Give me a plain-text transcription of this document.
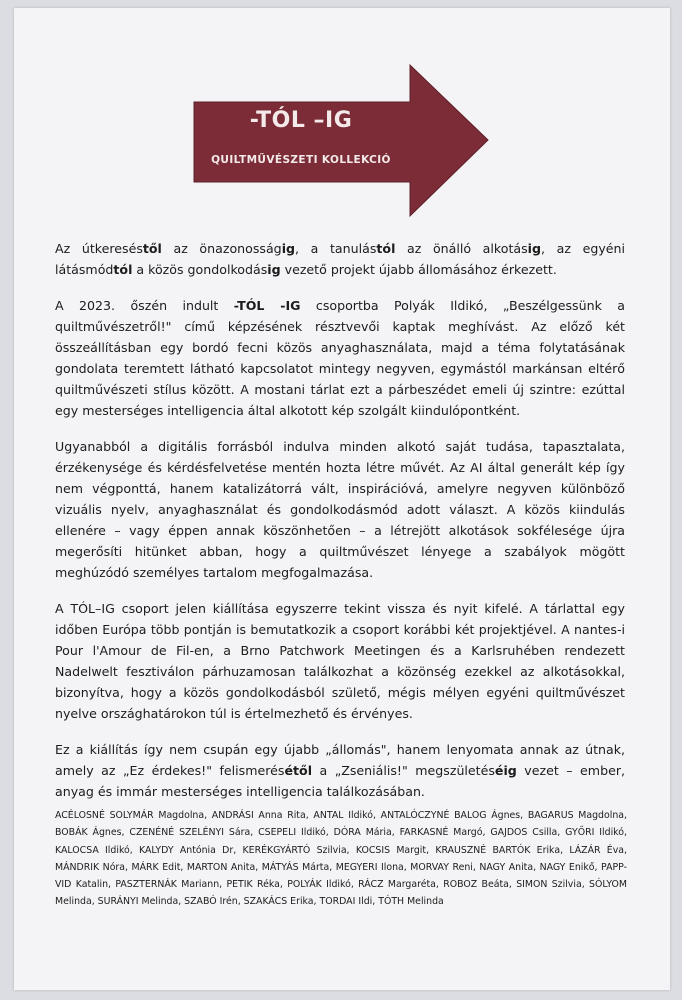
-TÓL –IG
QUILTMŰVÉSZETI KOLLEKCIÓ

Az útkereséstől az önazonosságig, a tanulástól az önálló alkotásig, az egyéni látásmódtól a közös gondolkodásig vezető projekt újabb állomásához érkezett.

A 2023. őszén indult -TÓL -IG csoportba Polyák Ildikó, „Beszélgessünk a quiltművészetről!" című képzésének résztvevői kaptak meghívást. Az előző két összeállításban egy bordó fecni közös anyaghasználata, majd a téma folytatásának gondolata teremtett látható kapcsolatot mintegy negyven, egymástól markánsan eltérő quiltművészeti stílus között. A mostani tárlat ezt a párbeszédet emeli új szintre: ezúttal egy mesterséges intelligencia által alkotott kép szolgált kiindulópontként.

Ugyanabból a digitális forrásból indulva minden alkotó saját tudása, tapasztalata, érzékenysége és kérdésfelvetése mentén hozta létre művét. Az AI által generált kép így nem végponttá, hanem katalizátorrá vált, inspirációvá, amelyre negyven különböző vizuális nyelv, anyaghasználat és gondolkodásmód adott választ. A közös kiindulás ellenére – vagy éppen annak köszönhetően – a létrejött alkotások sokfélesége újra megerősíti hitünket abban, hogy a quiltművészet lényege a szabályok mögött meghúzódó személyes tartalom megfogalmazása.

A TÓL–IG csoport jelen kiállítása egyszerre tekint vissza és nyit kifelé. A tárlattal egy időben Európa több pontján is bemutatkozik a csoport korábbi két projektjével. A nantes-i Pour l'Amour de Fil-en, a Brno Patchwork Meetingen és a Karlsruhében rendezett Nadelwelt fesztiválon párhuzamosan találkozhat a közönség ezekkel az alkotásokkal, bizonyítva, hogy a közös gondolkodásból születő, mégis mélyen egyéni quiltművészet nyelve országhatárokon túl is értelmezhető és érvényes.

Ez a kiállítás így nem csupán egy újabb „állomás", hanem lenyomata annak az útnak, amely az „Ez érdekes!" felismerésétől a „Zseniális!" megszületéséig vezet – ember, anyag és immár mesterséges intelligencia találkozásában.

ACÉLOSNÉ SOLYMÁR Magdolna, ANDRÁSI Anna Rita, ANTAL Ildikó, ANTALÓCZYNÉ BALOG Ágnes, BAGARUS Magdolna, BOBÁK Ágnes, CZENÉNÉ SZELÉNYI Sára, CSEPELI Ildikó, DÓRA Mária, FARKASNÉ Margó, GAJDOS Csilla, GYŐRI Ildikó, KALOCSA Ildikó, KALYDY Antónia Dr, KERÉKGYÁRTÓ Szilvia, KOCSIS Margit, KRAUSZNÉ BARTÓK Erika, LÁZÁR Éva, MÁNDRIK Nóra, MÁRK Edit, MARTON Anita, MÁTYÁS Márta, MEGYERI Ilona, MORVAY Reni, NAGY Anita, NAGY Enikő, PAPP-VID Katalin, PASZTERNÁK Mariann, PETIK Réka, POLYÁK Ildikó, RÁCZ Margaréta, ROBOZ Beáta, SIMON Szilvia, SÓLYOM Melinda, SURÁNYI Melinda, SZABÓ Irén, SZAKÁCS Erika, TORDAI Ildi, TÓTH Melinda
